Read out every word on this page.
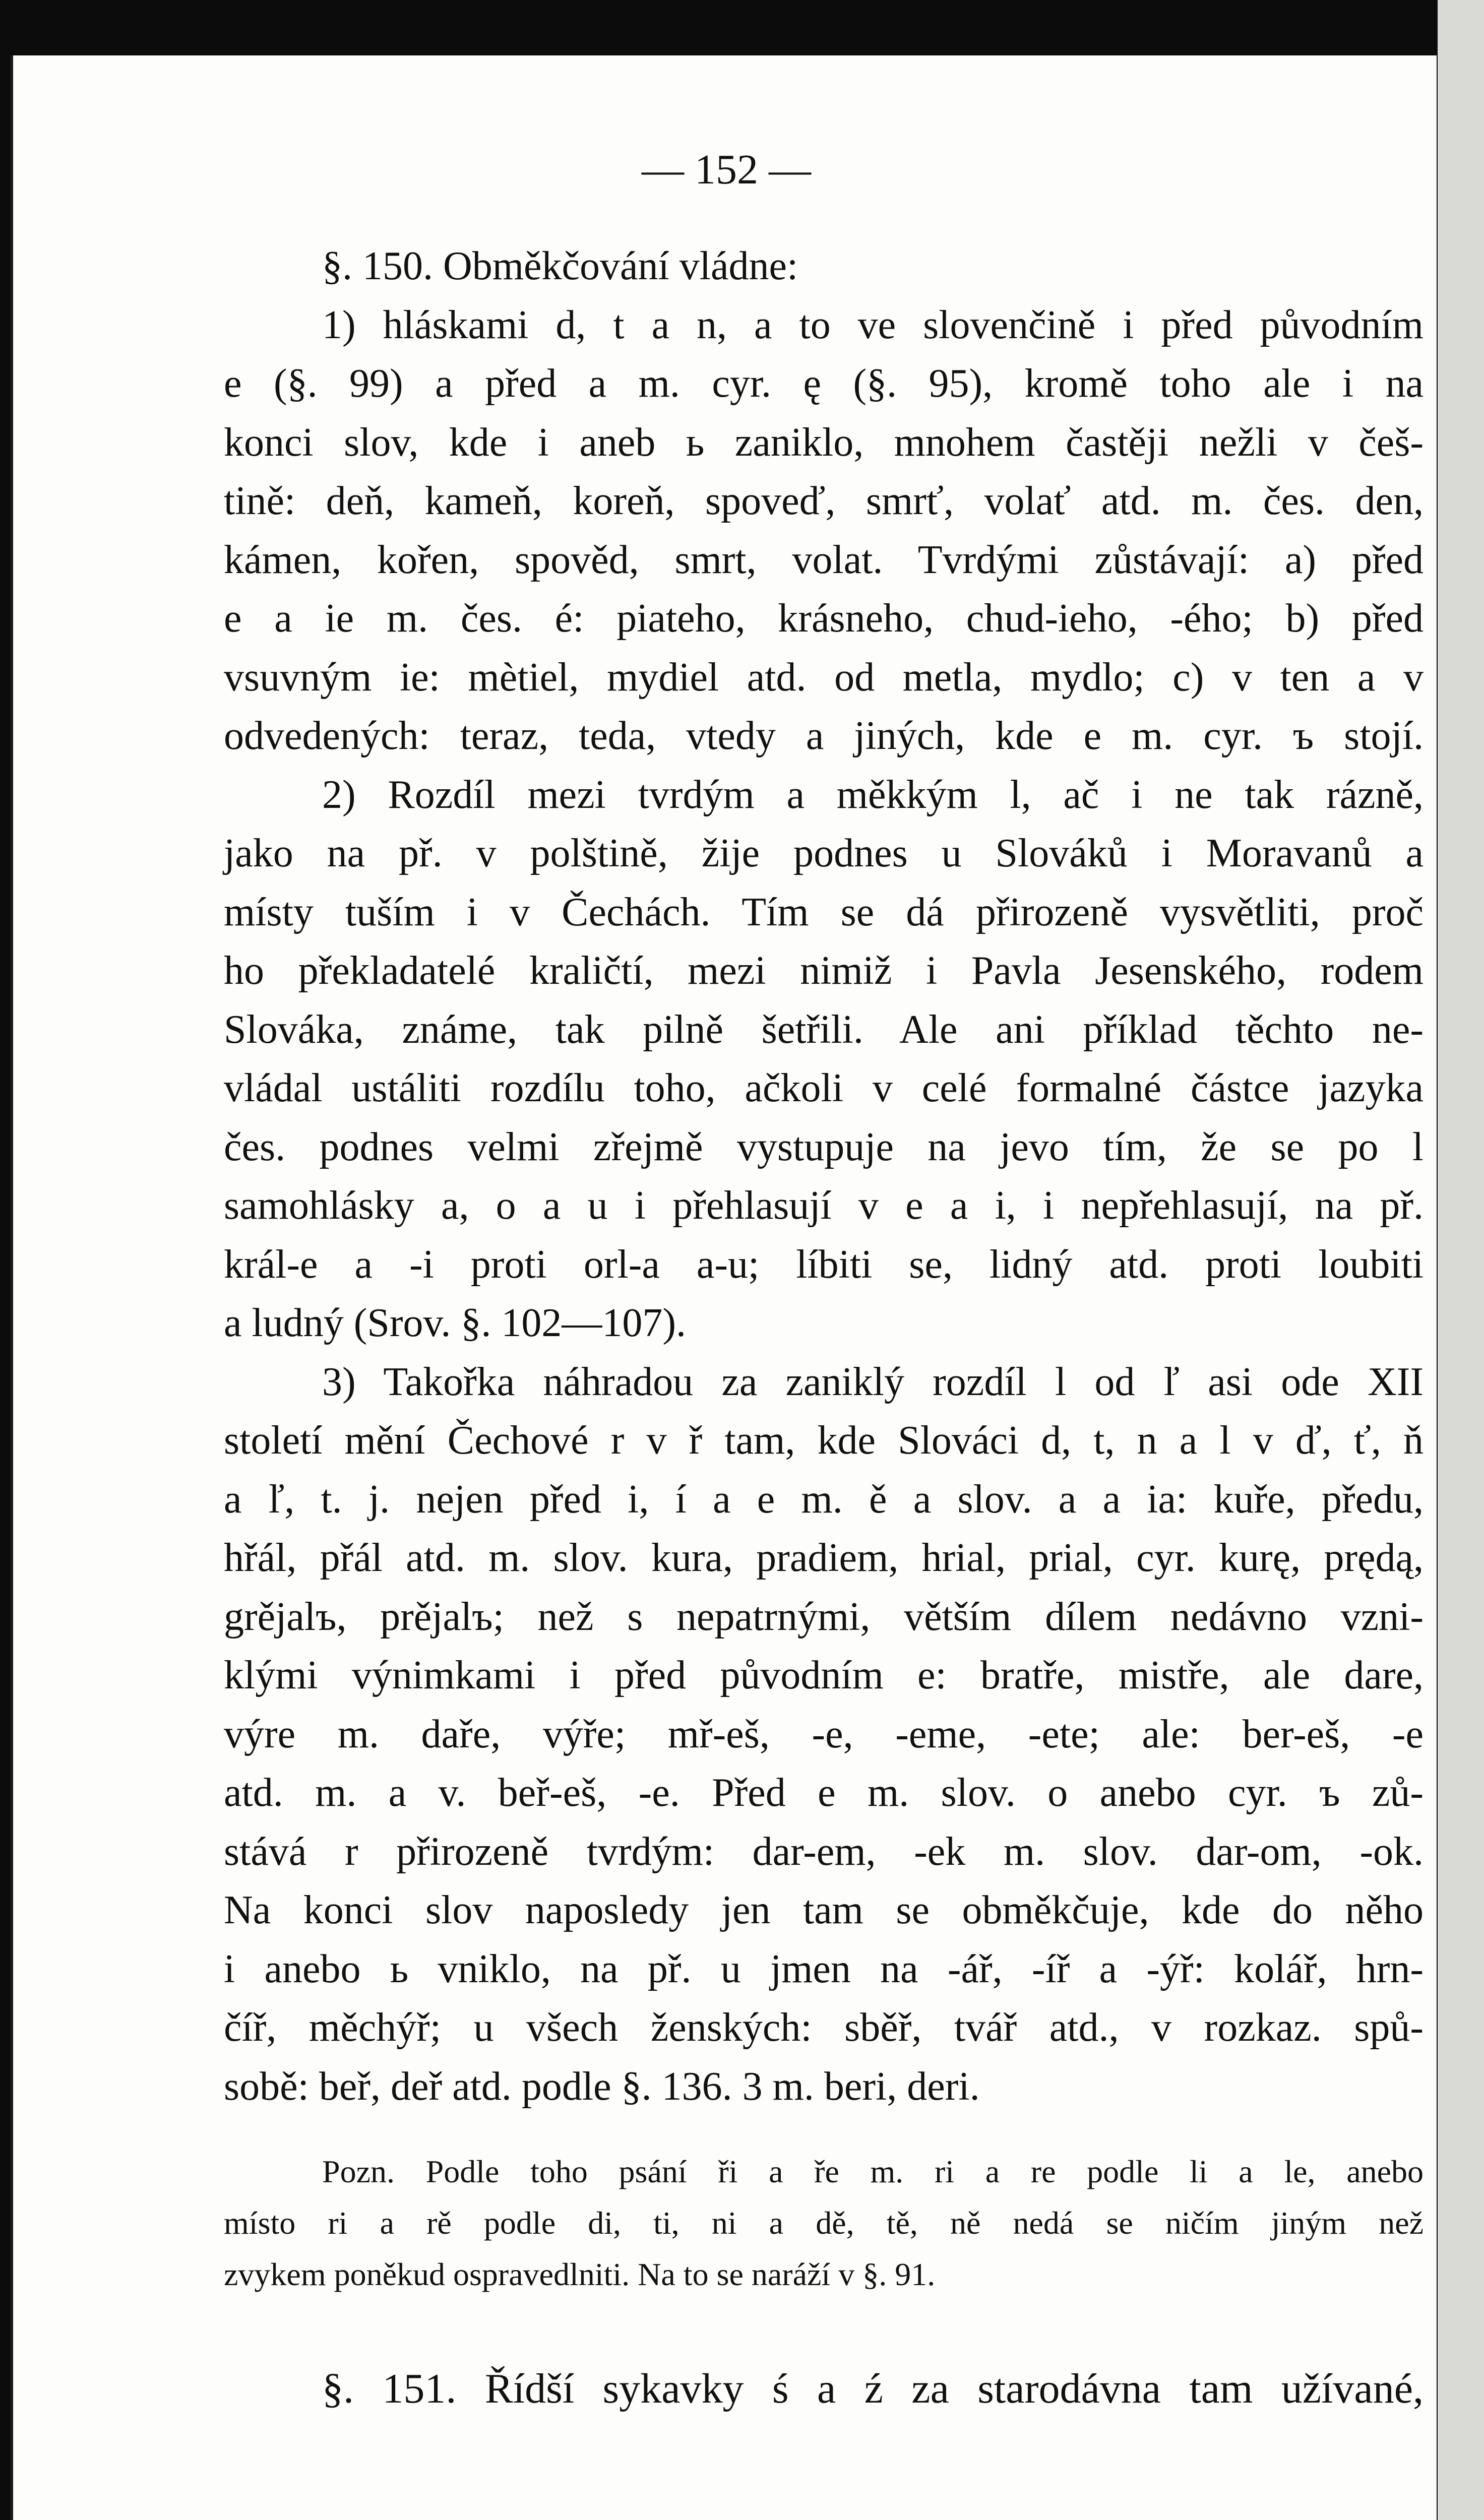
— 152 —
§. 150. Obměkčování vládne:
1) hláskami d, t a n, a to ve slovenčině i před původním
e (§. 99) a před a m. cyr. ę (§. 95), kromě toho ale i na
konci slov, kde i aneb ь zaniklo, mnohem častěji nežli v češ-
tině: deň, kameň, koreň, spoveď, smrť, volať atd. m. čes. den,
kámen, kořen, spověd, smrt, volat. Tvrdými zůstávají: a) před
e a ie m. čes. é: piateho, krásneho, chud-ieho, -ého; b) před
vsuvným ie: mètiel, mydiel atd. od metla, mydlo; c) v ten a v
odvedených: teraz, teda, vtedy a jiných, kde e m. cyr. ъ stojí.
2) Rozdíl mezi tvrdým a měkkým l, ač i ne tak rázně,
jako na př. v polštině, žije podnes u Slováků i Moravanů a
místy tuším i v Čechách. Tím se dá přirozeně vysvětliti, proč
ho překladatelé kraličtí, mezi nimiž i Pavla Jesenského, rodem
Slováka, známe, tak pilně šetřili. Ale ani příklad těchto ne-
vládal ustáliti rozdílu toho, ačkoli v celé formalné částce jazyka
čes. podnes velmi zřejmě vystupuje na jevo tím, že se po l
samohlásky a, o a u i přehlasují v e a i, i nepřehlasují, na př.
král-e a -i proti orl-a a-u; líbiti se, lidný atd. proti loubiti
a ludný (Srov. §. 102—107).
3) Takořka náhradou za zaniklý rozdíl l od ľ asi ode XII
století mění Čechové r v ř tam, kde Slováci d, t, n a l v ď, ť, ň
a ľ, t. j. nejen před i, í a e m. ě a slov. a a ia: kuře, předu,
hřál, přál atd. m. slov. kura, pradiem, hrial, prial, cyr. kurę, prędą,
grějalъ, prějalъ; než s nepatrnými, větším dílem nedávno vzni-
klými výnimkami i před původním e: bratře, mistře, ale dare,
výre m. daře, výře; mř-eš, -e, -eme, -ete; ale: ber-eš, -e
atd. m. a v. beř-eš, -e. Před e m. slov. o anebo cyr. ъ zů-
stává r přirozeně tvrdým: dar-em, -ek m. slov. dar-om, -ok.
Na konci slov naposledy jen tam se obměkčuje, kde do něho
i anebo ь vniklo, na př. u jmen na -ář, -íř a -ýř: kolář, hrn-
číř, měchýř; u všech ženských: sběř, tvář atd., v rozkaz. spů-
sobě: beř, deř atd. podle §. 136. 3 m. beri, deri.
Pozn. Podle toho psání ři a ře m. ri a re podle li a le, anebo
místo ri a rě podle di, ti, ni a dě, tě, ně nedá se ničím jiným než
zvykem poněkud ospravedlniti. Na to se naráží v §. 91.
§. 151. Řídší sykavky ś a ź za starodávna tam užívané,
